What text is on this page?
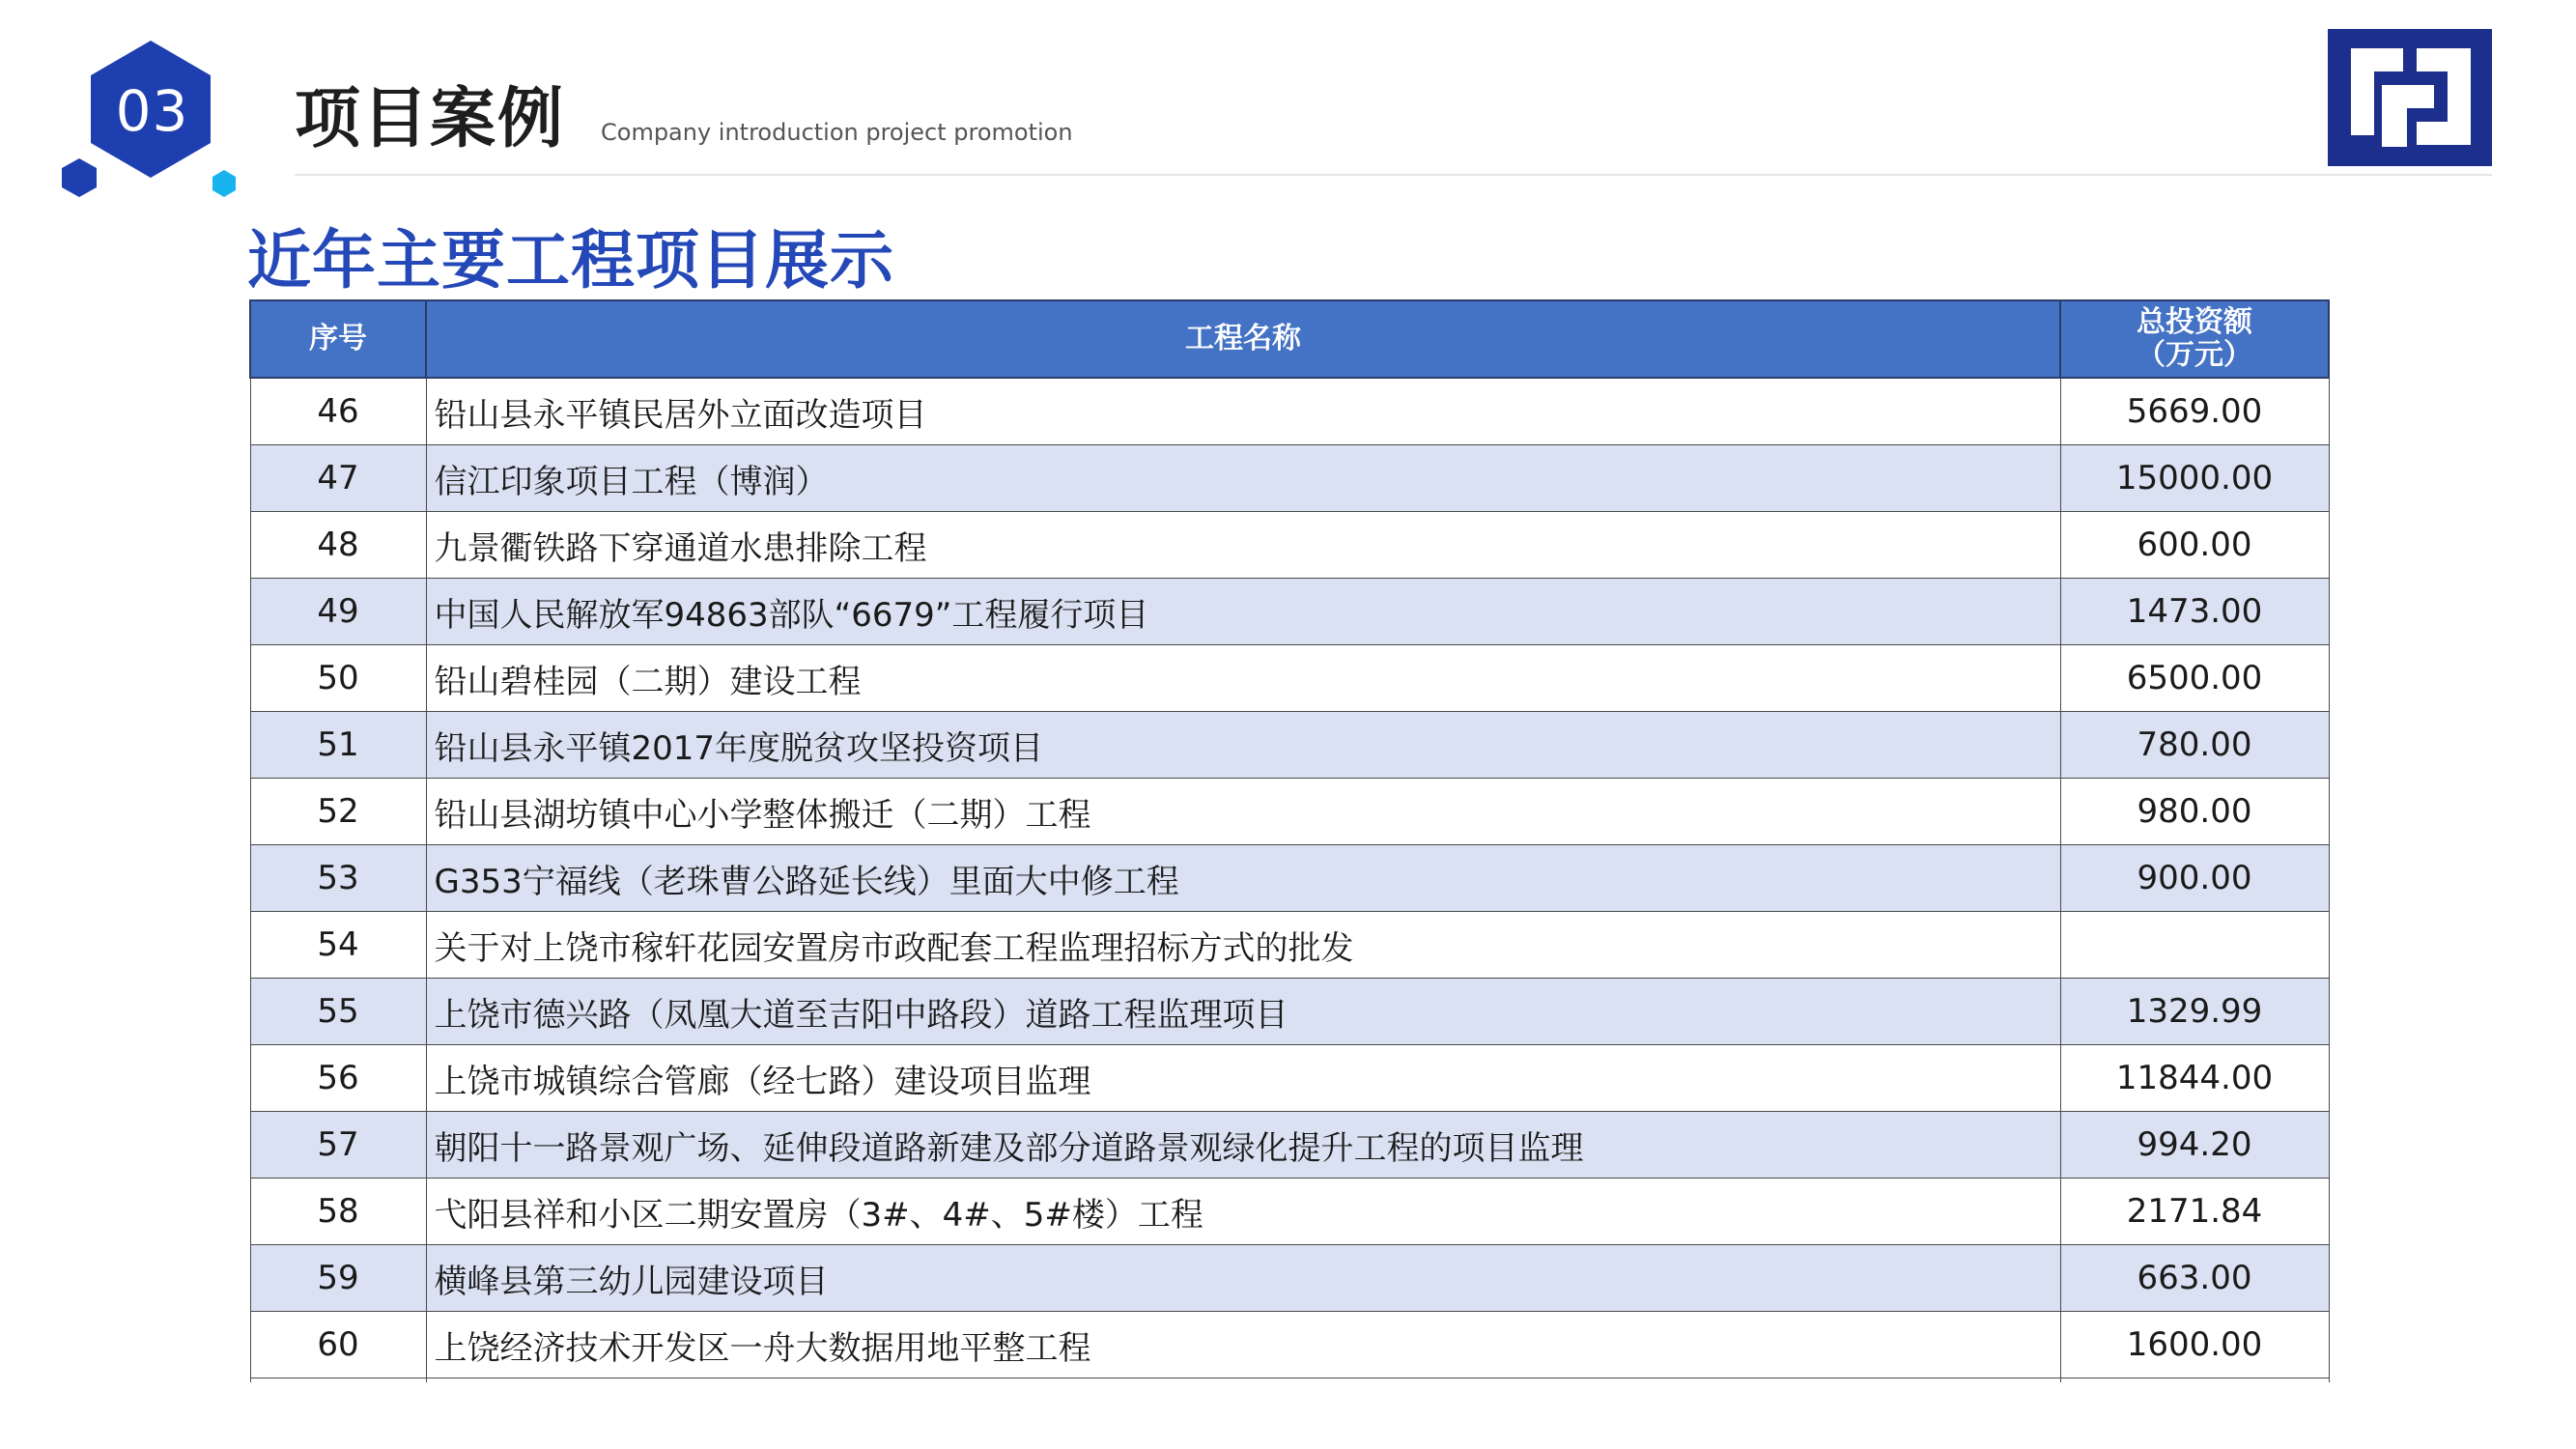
03	项目案例 Company introduction project promotion
近年主要工程项目展示
序号	工程名称	总投资额
（万元）

46	铅山县永平镇民居外立面改造项目	5669.00
47	信江印象项目工程（博润）	15000.00
48	九景衢铁路下穿通道水患排除工程	600.00
49	中国人民解放军94863部队“6679”工程履行项目	1473.00
50	铅山碧桂园（二期）建设工程	6500.00
51	铅山县永平镇2017年度脱贫攻坚投资项目	780.00
52	铅山县湖坊镇中心小学整体搬迁（二期）工程	980.00
53	G353宁福线（老珠曹公路延长线）里面大中修工程	900.00
54	关于对上饶市稼轩花园安置房市政配套工程监理招标方式的批发	
55	上饶市德兴路（凤凰大道至吉阳中路段）道路工程监理项目	1329.99
56	上饶市城镇综合管廊（经七路）建设项目监理	11844.00
57	朝阳十一路景观广场、延伸段道路新建及部分道路景观绿化提升工程的项目监理	994.20
58	弋阳县祥和小区二期安置房（3#、4#、5#楼）工程	2171.84
59	横峰县第三幼儿园建设项目	663.00
60	上饶经济技术开发区一舟大数据用地平整工程	1600.00
